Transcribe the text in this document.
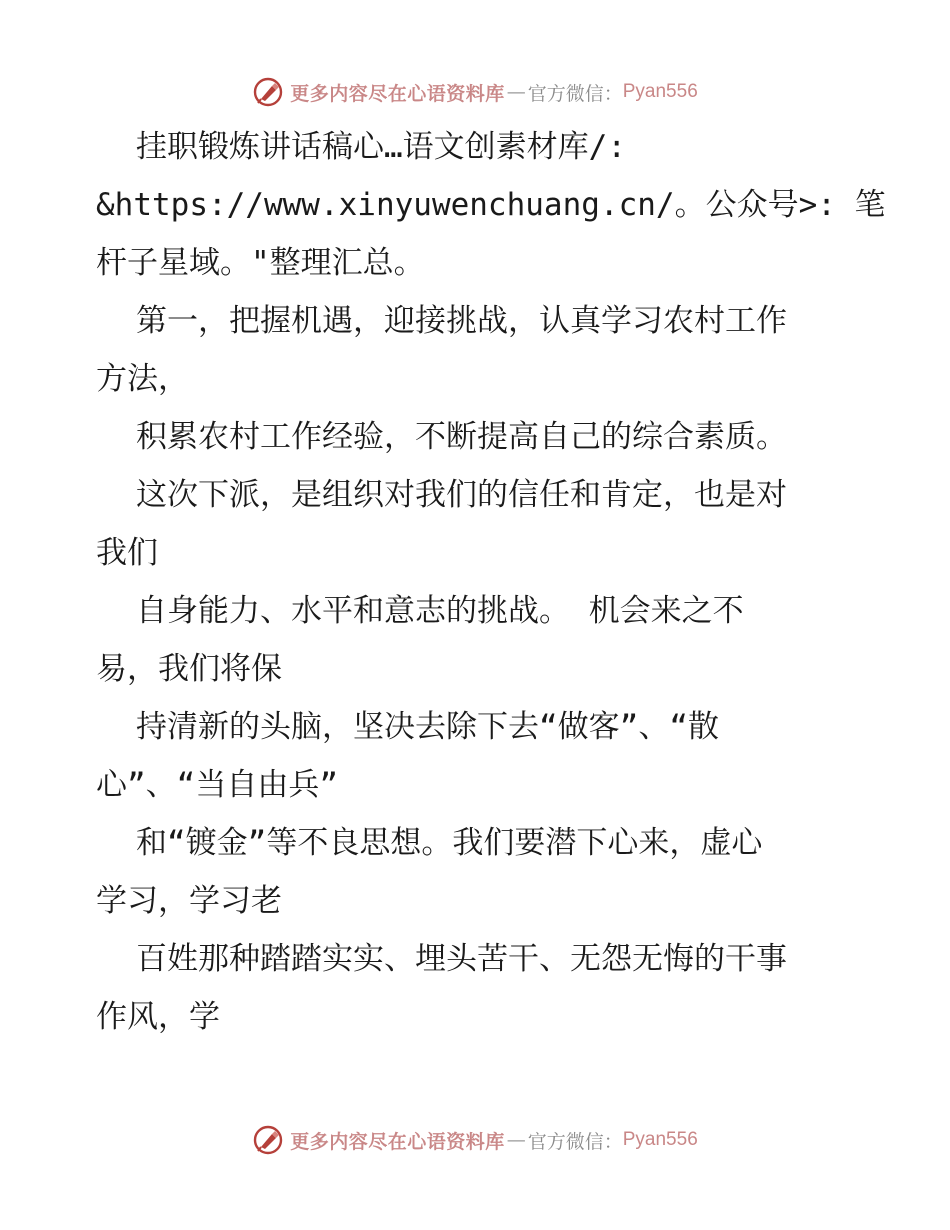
更多内容尽在心语资料库 — 官方微信： Pyan556
挂职锻炼讲话稿心…语文创素材库/:
&https://www.xinyuwenchuang.cn/。公众号>: 笔
杆子星域。"整理汇总。
第一，把握机遇，迎接挑战，认真学习农村工作
方法，
积累农村工作经验，不断提高自己的综合素质。
这次下派，是组织对我们的信任和肯定，也是对
我们
自身能力、水平和意志的挑战。 机会来之不
易，我们将保
持清新的头脑，坚决去除下去“做客”、“散
心”、“当自由兵”
和“镀金”等不良思想。我们要潜下心来，虚心
学习，学习老
百姓那种踏踏实实、埋头苦干、无怨无悔的干事
作风，学
更多内容尽在心语资料库 — 官方微信： Pyan556
